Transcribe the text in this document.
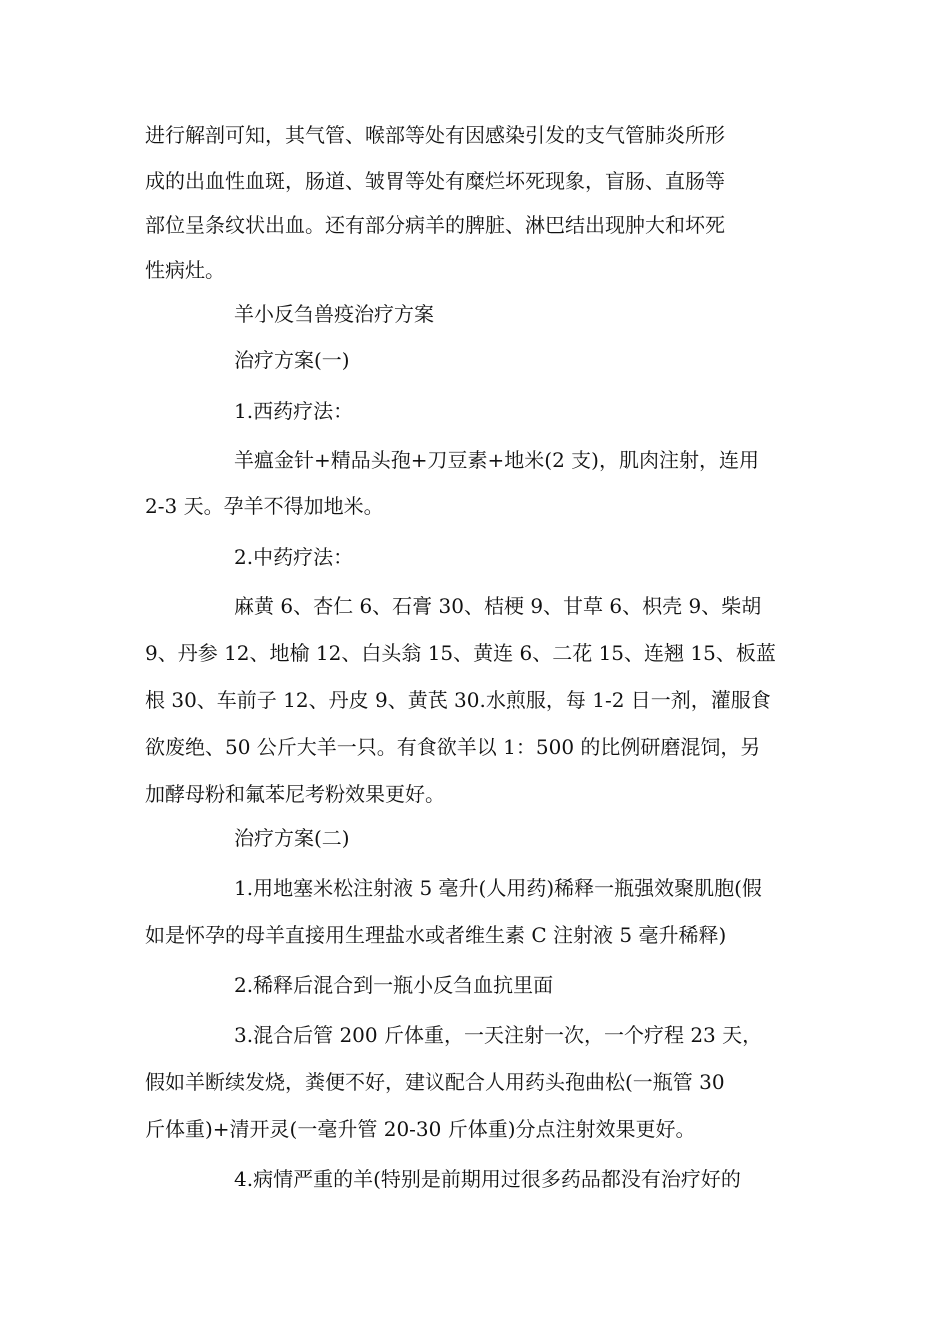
进行解剖可知，其气管、喉部等处有因感染引发的支气管肺炎所形

成的出血性血斑，肠道、皱胃等处有糜烂坏死现象，盲肠、直肠等

部位呈条纹状出血。还有部分病羊的脾脏、淋巴结出现肿大和坏死

性病灶。

羊小反刍兽疫治疗方案

治疗方案(一)

1.西药疗法：

羊瘟金针+精品头孢+刀豆素+地米(2 支)，肌肉注射，连用

2-3 天。孕羊不得加地米。

2.中药疗法：

麻黄 6、杏仁 6、石膏 30、桔梗 9、甘草 6、枳壳 9、柴胡

9、丹参 12、地榆 12、白头翁 15、黄连 6、二花 15、连翘 15、板蓝

根 30、车前子 12、丹皮 9、黄芪 30.水煎服，每 1-2 日一剂，灌服食

欲废绝、50 公斤大羊一只。有食欲羊以 1：500 的比例研磨混饲，另

加酵母粉和氟苯尼考粉效果更好。

治疗方案(二)

1.用地塞米松注射液 5 毫升(人用药)稀释一瓶强效聚肌胞(假

如是怀孕的母羊直接用生理盐水或者维生素 C 注射液 5 毫升稀释)

2.稀释后混合到一瓶小反刍血抗里面

3.混合后管 200 斤体重，一天注射一次，一个疗程 23 天，

假如羊断续发烧，粪便不好，建议配合人用药头孢曲松(一瓶管 30

斤体重)+清开灵(一毫升管 20-30 斤体重)分点注射效果更好。

4.病情严重的羊(特别是前期用过很多药品都没有治疗好的
